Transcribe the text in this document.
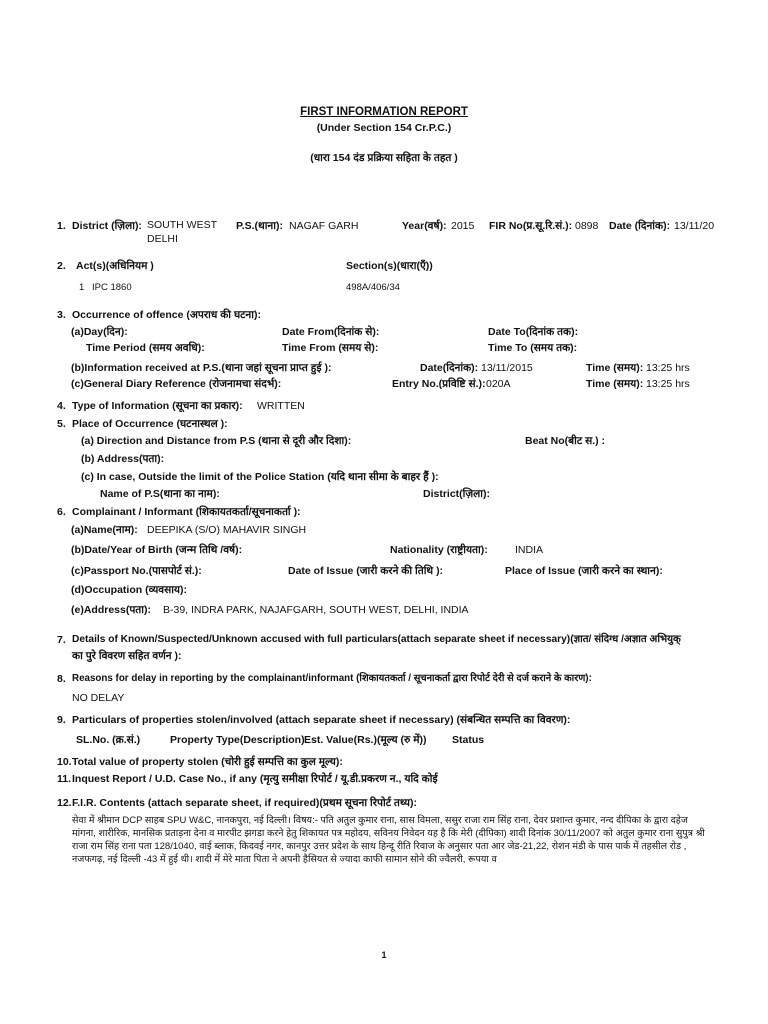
FIRST INFORMATION REPORT
(Under Section 154 Cr.P.C.)
(धारा 154 दंड प्रक्रिया सहिता के तहत )
1. District (ज़िला): SOUTH WEST
DELHI
P.S.(थाना): NAGAF GARH	Year(वर्ष): 2015 FIR No(प्र.सू.रि.सं.): 0898 Date (दिनांक): 13/11/20
2. Act(s)(अधिनियम )	Section(s)(धारा(एँ))
1 IPC 1860	498A/406/34
3. Occurrence of offence (अपराध की घटना):
(a)Day(दिन):	Date From(दिनांक से):	Date To(दिनांक तक):
Time Period (समय अवधि):	Time From (समय से):	Time To (समय तक):
(b)Information received at P.S.(थाना जहां सूचना प्राप्त हुई ):	Date(दिनांक): 13/11/2015	Time (समय): 13:25 hrs
(c)General Diary Reference (रोजनामचा संदर्भ):	Entry No.(प्रविष्टि सं.): 020A	Time (समय): 13:25 hrs
4. Type of Information (सूचना का प्रकार): WRITTEN
5. Place of Occurrence (घटनास्थल ):
(a) Direction and Distance from P.S (थाना से दूरी और दिशा):	Beat No(बीट स.) :
(b) Address(पता):
(c) In case, Outside the limit of the Police Station (यदि थाना सीमा के बाहर हैं ):
Name of P.S(थाना का नाम):	District(ज़िला):
6. Complainant / Informant (शिकायतकर्ता/सूचनाकर्ता ):
(a)Name(नाम): DEEPIKA (S/O) MAHAVIR SINGH
(b)Date/Year of Birth (जन्म तिथि /वर्ष):	Nationality (राष्ट्रीयता):	INDIA
(c)Passport No.(पासपोर्ट सं.):	Date of Issue (जारी करने की तिथि ):	Place of Issue (जारी करने का स्थान):
(d)Occupation (व्यवसाय):
(e)Address(पता): B-39, INDRA PARK, NAJAFGARH, SOUTH WEST, DELHI, INDIA
7. Details of Known/Suspected/Unknown accused with full particulars(attach separate sheet if necessary)(ज्ञात/ संदिग्ध /अज्ञात अभियुक्
का पुरे विवरण सहित वर्णन ):
8. Reasons for delay in reporting by the complainant/informant (शिकायतकर्ता / सूचनाकर्ता द्वारा रिपोर्ट देरी से दर्ज कराने के कारण):
NO DELAY
9. Particulars of properties stolen/involved (attach separate sheet if necessary) (संबन्धित सम्पत्ति का विवरण):
SL.No. (क्र.सं.)	Property Type(Description) Est. Value(Rs.)(मूल्य (रु में)) Status
10. Total value of property stolen (चोरी हुई सम्पत्ति का कुल मूल्य):
11. Inquest Report / U.D. Case No., if any (मृत्यु समीक्षा रिपोर्ट / यू.डी.प्रकरण न., यदि कोई
12. F.I.R. Contents (attach separate sheet, if required)(प्रथम सूचना रिपोर्ट तथ्य):
सेवा में श्रीमान DCP साहब SPU W&C, नानकपुरा, नई दिल्ली। विषय:- पति अतुल कुमार राना, सास विमला, ससुर राजा राम सिंह राना, देवर प्रशान्त कुमार, नन्द दीपिका के द्वारा दहेज मांगना, शारीरिक, मानसिक प्रताड़ना देना व मारपीट झगडा करने हेतु शिकायत पत्र महोदय, सविनय निवेदन यह है कि मेरी (दीपिका) शादी दिनांक 30/11/2007 को अतुल कुमार राना सुपुत्र श्री राजा राम सिंह राना पता 128/1040, वाई ब्लाक, किदवई नगर, कानपुर उत्तर प्रदेश के साथ हिन्दू रीति रिवाज के अनुसार पता आर जेड-21,22, रोशन मंडी के पास पार्क में तहसील रोड , नजफगढ़, नई दिल्ली -43 में हुई थी। शादी में मेरे माता पिता ने अपनी हैसियत से ज्यादा काफी सामान सोने की ज्वैलरी, रूपया व
1
